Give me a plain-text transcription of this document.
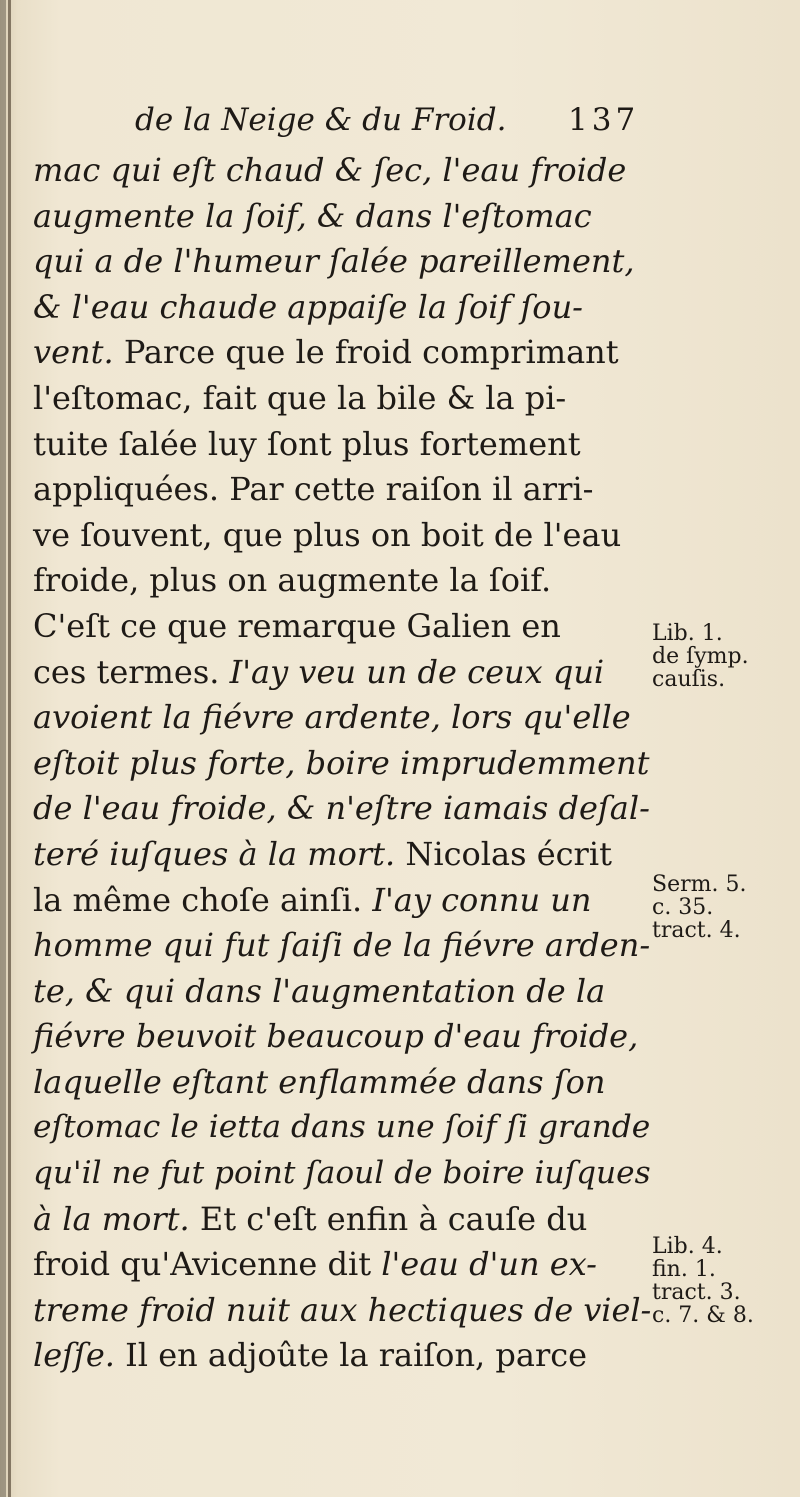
de la Neige & du Froid. 137
mac qui eſt chaud & ſec, l'eau froide
augmente la ſoif, & dans l'eſtomac
qui a de l'humeur ſalée pareillement,
& l'eau chaude appaiſe la ſoif ſou-
vent. Parce que le froid comprimant
l'eſtomac, fait que la bile & la pi-
tuite ſalée luy ſont plus fortement
appliquées. Par cette raiſon il arri-
ve ſouvent, que plus on boit de l'eau
froide, plus on augmente la ſoif.
C'eſt ce que remarque Galien en
ces termes. I'ay veu un de ceux qui
avoient la fiévre ardente, lors qu'elle
eſtoit plus forte, boire imprudemment
de l'eau froide, & n'eſtre iamais deſal-
teré iuſques à la mort. Nicolas écrit
la même choſe ainſi. I'ay connu un
homme qui fut ſaiſi de la fiévre arden-
te, & qui dans l'augmentation de la
fiévre beuvoit beaucoup d'eau froide,
laquelle eſtant enflammée dans ſon
eſtomac le ietta dans une ſoif ſi grande
qu'il ne fut point ſaoul de boire iuſques
à la mort. Et c'eſt enfin à cauſe du
froid qu'Avicenne dit l'eau d'un ex-
treme froid nuit aux hectiques de viel-
leſſe. Il en adjoûte la raiſon, parce
Lib. 1.
de ſymp.
cauſis.
Serm. 5.
c. 35.
tract. 4.
Lib. 4.
fin. 1.
tract. 3.
c. 7. & 8.
